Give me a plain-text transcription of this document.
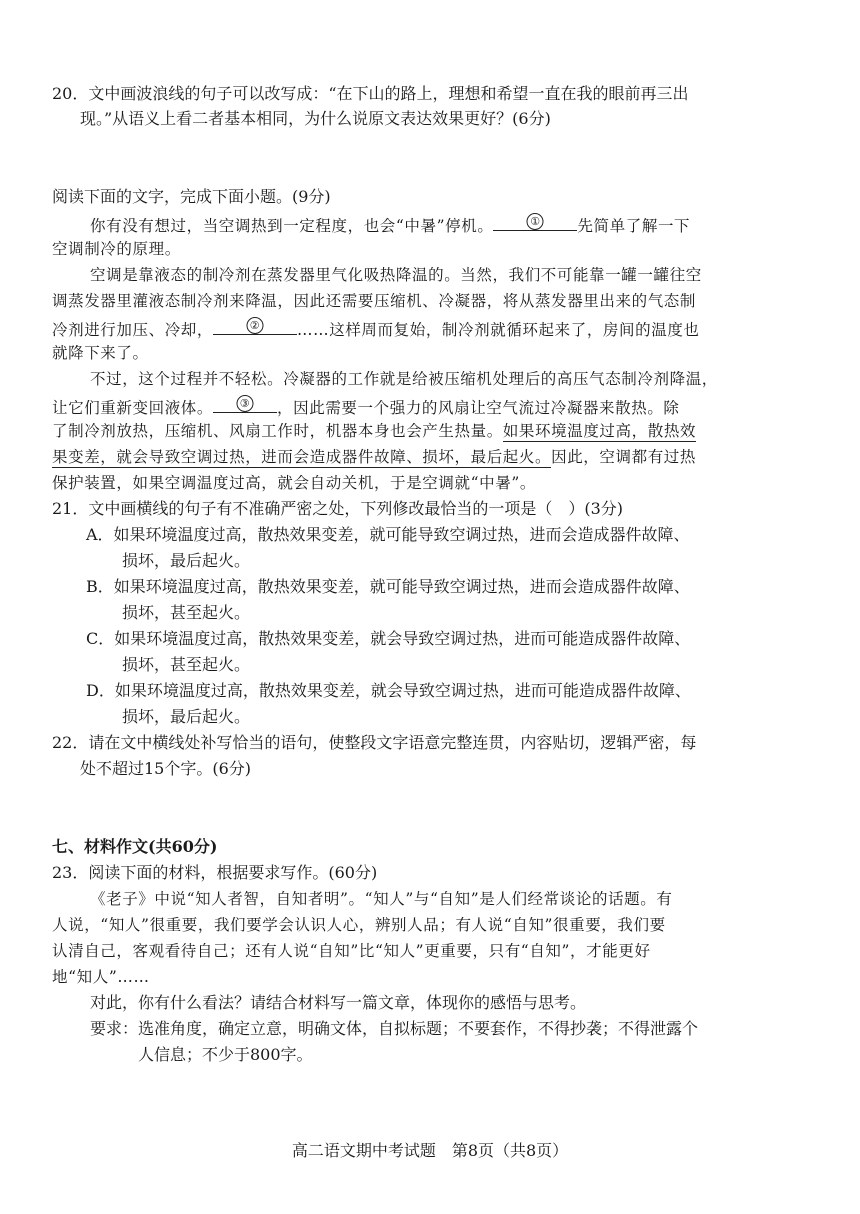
20．文中画波浪线的句子可以改写成：“在下山的路上，理想和希望一直在我的眼前再三出
现。”从语义上看二者基本相同，为什么说原文表达效果更好？(6分)
阅读下面的文字，完成下面小题。(9分)
你有没有想过，当空调热到一定程度，也会“中暑”停机。	① 先简单了解一下
空调制冷的原理。
空调是靠液态的制冷剂在蒸发器里气化吸热降温的。当然，我们不可能靠一罐一罐往空
调蒸发器里灌液态制冷剂来降温，因此还需要压缩机、冷凝器，将从蒸发器里出来的气态制
冷剂进行加压、冷却，	② ……这样周而复始，制冷剂就循环起来了，房间的温度也
就降下来了。
不过，这个过程并不轻松。冷凝器的工作就是给被压缩机处理后的高压气态制冷剂降温，
让它们重新变回液体。 ③ ，因此需要一个强力的风扇让空气流过冷凝器来散热。除
了制冷剂放热，压缩机、风扇工作时，机器本身也会产生热量。如果环境温度过高，散热效
果变差，就会导致空调过热，进而会造成器件故障、损坏，最后起火。因此，空调都有过热
保护装置，如果空调温度过高，就会自动关机，于是空调就“中暑”。
21．文中画横线的句子有不准确严密之处，下列修改最恰当的一项是（　）(3分)
A．如果环境温度过高，散热效果变差，就可能导致空调过热，进而会造成器件故障、
损坏，最后起火。
B．如果环境温度过高，散热效果变差，就可能导致空调过热，进而会造成器件故障、
损坏，甚至起火。
C．如果环境温度过高，散热效果变差，就会导致空调过热，进而可能造成器件故障、
损坏，甚至起火。
D．如果环境温度过高，散热效果变差，就会导致空调过热，进而可能造成器件故障、
损坏，最后起火。
22．请在文中横线处补写恰当的语句，使整段文字语意完整连贯，内容贴切，逻辑严密，每
处不超过15个字。(6分)
七、材料作文(共60分)
23．阅读下面的材料，根据要求写作。(60分)
《老子》中说“知人者智，自知者明”。“知人”与“自知”是人们经常谈论的话题。有
人说，“知人”很重要，我们要学会认识人心，辨别人品；有人说“自知”很重要，我们要
认清自己，客观看待自己；还有人说“自知”比“知人”更重要，只有“自知”，才能更好
地“知人”……
对此，你有什么看法？请结合材料写一篇文章，体现你的感悟与思考。
要求：选准角度，确定立意，明确文体，自拟标题；不要套作，不得抄袭；不得泄露个
人信息；不少于800字。
高二语文期中考试题　第8页（共8页）
